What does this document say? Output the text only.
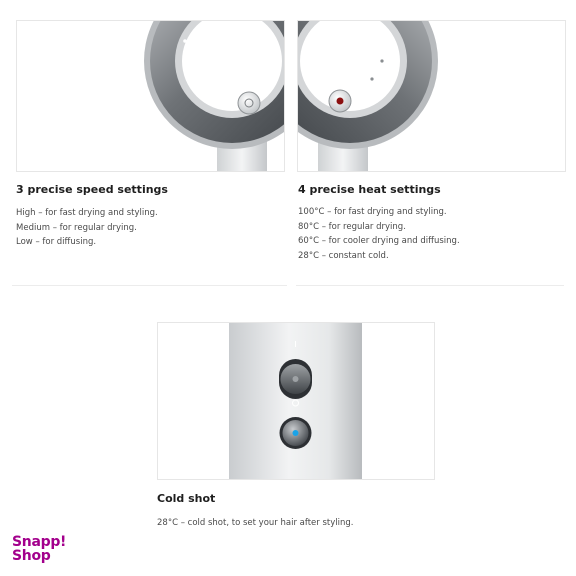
3 precise speed settings
High – for fast drying and styling.
Medium – for regular drying.
Low – for diffusing.
4 precise heat settings
100°C – for fast drying and styling.
80°C – for regular drying.
60°C – for cooler drying and diffusing.
28°C – constant cold.
Cold shot
28°C – cold shot, to set your hair after styling.
Snapp!
Shop
